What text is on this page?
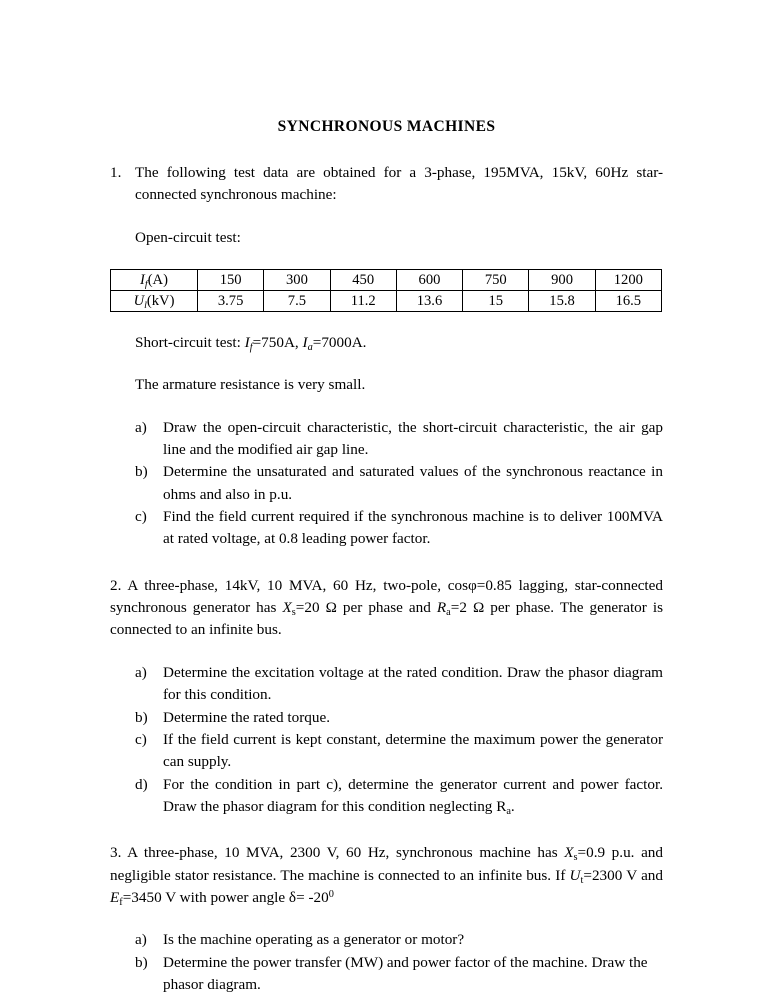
SYNCHRONOUS MACHINES
1. The following test data are obtained for a 3-phase, 195MVA, 15kV, 60Hz star-connected synchronous machine:
Open-circuit test:
$I_f(A)$	150	300	450	600	750	900	1200
$U_l(kV)$	3.75	7.5	11.2	13.6	15	15.8	16.5
Short-circuit test: $I_f=750A$, $I_a=7000A$.
The armature resistance is very small.
a) Draw the open-circuit characteristic, the short-circuit characteristic, the air gap line and the modified air gap line.
b) Determine the unsaturated and saturated values of the synchronous reactance in ohms and also in p.u.
c) Find the field current required if the synchronous machine is to deliver 100MVA at rated voltage, at 0.8 leading power factor.
2. A three-phase, 14kV, 10 MVA, 60 Hz, two-pole, cosφ=0.85 lagging, star-connected synchronous generator has $X_s=20$ Ω per phase and $R_a=2$ Ω per phase. The generator is connected to an infinite bus.
a) Determine the excitation voltage at the rated condition. Draw the phasor diagram for this condition.
b) Determine the rated torque.
c) If the field current is kept constant, determine the maximum power the generator can supply.
d) For the condition in part c), determine the generator current and power factor. Draw the phasor diagram for this condition neglecting $R_a$.
3. A three-phase, 10 MVA, 2300 V, 60 Hz, synchronous machine has $X_s=0.9$ p.u. and negligible stator resistance. The machine is connected to an infinite bus. If $U_t=2300$ V and $E_f=3450$ V with power angle $\delta= -20^0$
a) Is the machine operating as a generator or motor?
b) Determine the power transfer (MW) and power factor of the machine. Draw the phasor diagram.
